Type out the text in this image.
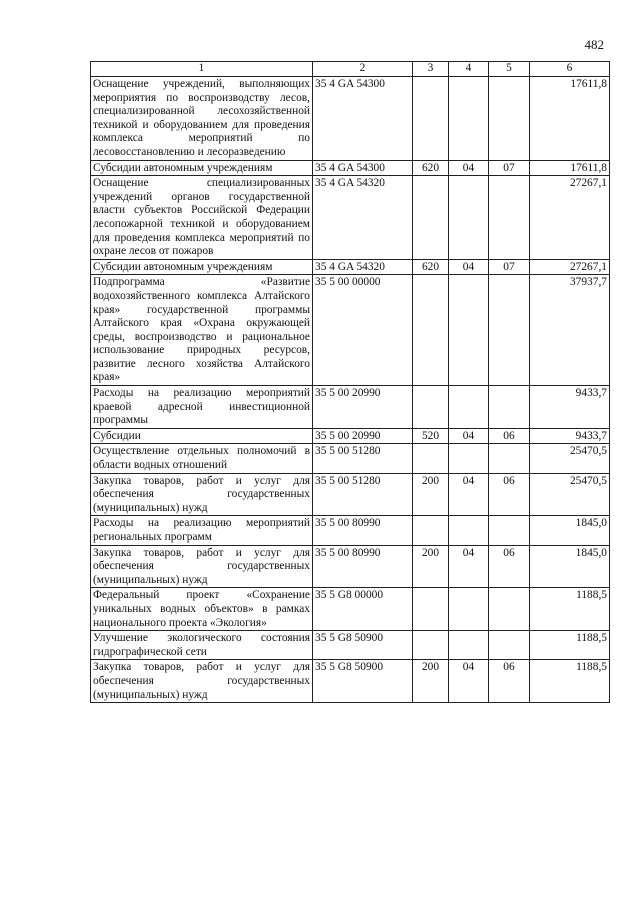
482
1	2	3	4	5	6
Оснащение учреждений, выполняющих мероприятия по воспроизводству лесов, специализированной лесохозяйственной техникой и оборудованием для проведения комплекса мероприятий по лесовосстановлению и лесоразведению	35 4 GA 54300				17611,8
Субсидии автономным учреждениям	35 4 GA 54300	620	04	07	17611,8
Оснащение специализированных учреждений органов государственной власти субъектов Российской Федерации лесопожарной техникой и оборудованием для проведения комплекса мероприятий по охране лесов от пожаров	35 4 GA 54320				27267,1
Субсидии автономным учреждениям	35 4 GA 54320	620	04	07	27267,1
Подпрограмма «Развитие водохозяйственного комплекса Алтайского края» государственной программы Алтайского края «Охрана окружающей среды, воспроизводство и рациональное использование природных ресурсов, развитие лесного хозяйства Алтайского края»	35 5 00 00000				37937,7
Расходы на реализацию мероприятий краевой адресной инвестиционной программы	35 5 00 20990				9433,7
Субсидии	35 5 00 20990	520	04	06	9433,7
Осуществление отдельных полномочий в области водных отношений	35 5 00 51280				25470,5
Закупка товаров, работ и услуг для обеспечения государственных (муниципальных) нужд	35 5 00 51280	200	04	06	25470,5
Расходы на реализацию мероприятий региональных программ	35 5 00 80990				1845,0
Закупка товаров, работ и услуг для обеспечения государственных (муниципальных) нужд	35 5 00 80990	200	04	06	1845,0
Федеральный проект «Сохранение уникальных водных объектов» в рамках национального проекта «Экология»	35 5 G8 00000				1188,5
Улучшение экологического состояния гидрографической сети	35 5 G8 50900				1188,5
Закупка товаров, работ и услуг для обеспечения государственных (муниципальных) нужд	35 5 G8 50900	200	04	06	1188,5
